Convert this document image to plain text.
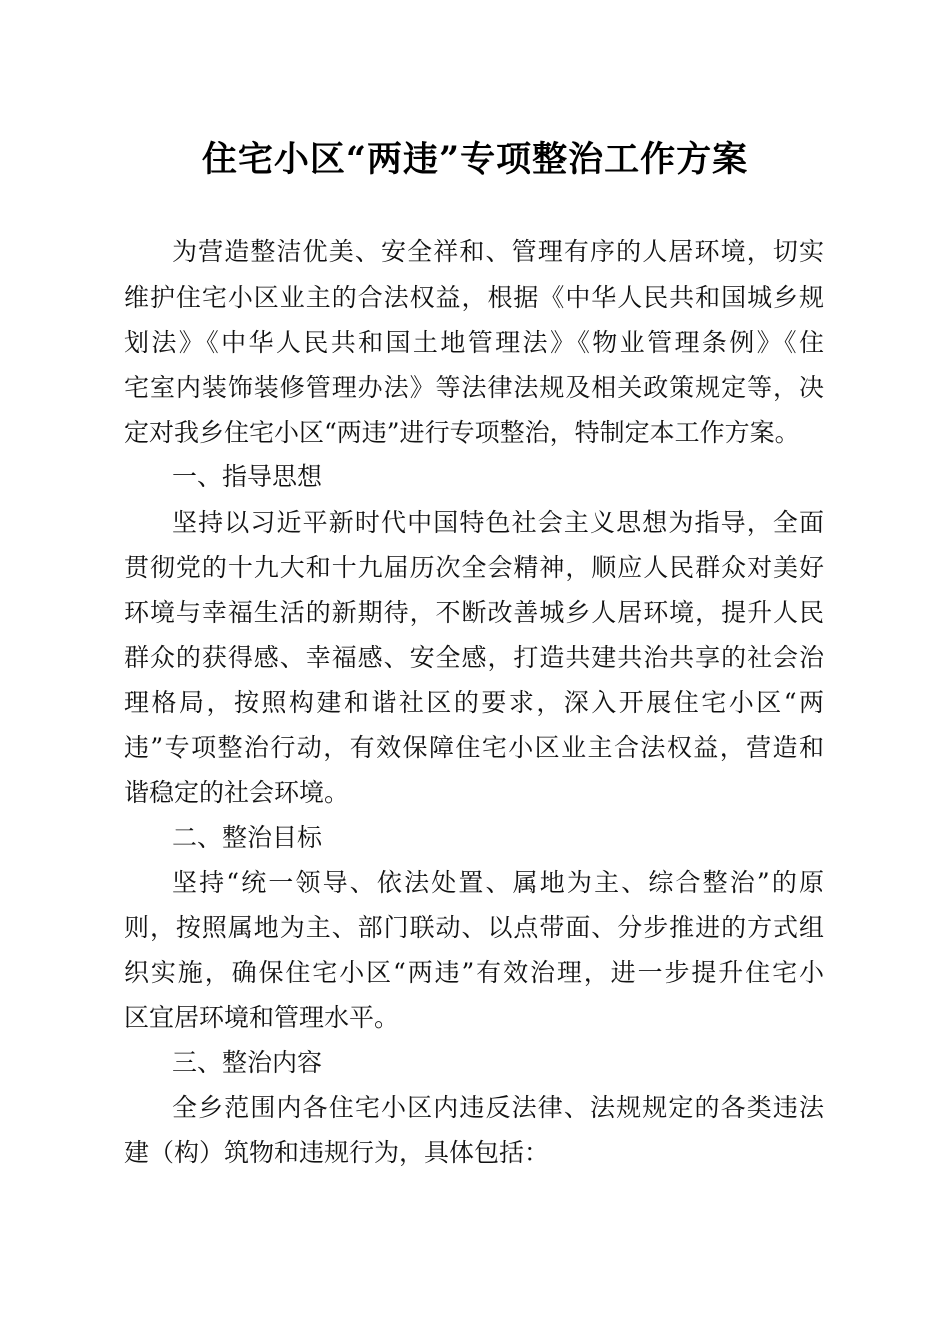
住宅小区“两违”专项整治工作方案
为营造整洁优美、安全祥和、管理有序的人居环境，切实
维护住宅小区业主的合法权益，根据《中华人民共和国城乡规
划法》《中华人民共和国土地管理法》《物业管理条例》《住
宅室内装饰装修管理办法》等法律法规及相关政策规定等，决
定对我乡住宅小区“两违”进行专项整治，特制定本工作方案。
一、指导思想
坚持以习近平新时代中国特色社会主义思想为指导，全面
贯彻党的十九大和十九届历次全会精神，顺应人民群众对美好
环境与幸福生活的新期待，不断改善城乡人居环境，提升人民
群众的获得感、幸福感、安全感，打造共建共治共享的社会治
理格局，按照构建和谐社区的要求，深入开展住宅小区“两
违”专项整治行动，有效保障住宅小区业主合法权益，营造和
谐稳定的社会环境。
二、整治目标
坚持“统一领导、依法处置、属地为主、综合整治”的原
则，按照属地为主、部门联动、以点带面、分步推进的方式组
织实施，确保住宅小区“两违”有效治理，进一步提升住宅小
区宜居环境和管理水平。
三、整治内容
全乡范围内各住宅小区内违反法律、法规规定的各类违法
建（构）筑物和违规行为，具体包括：
